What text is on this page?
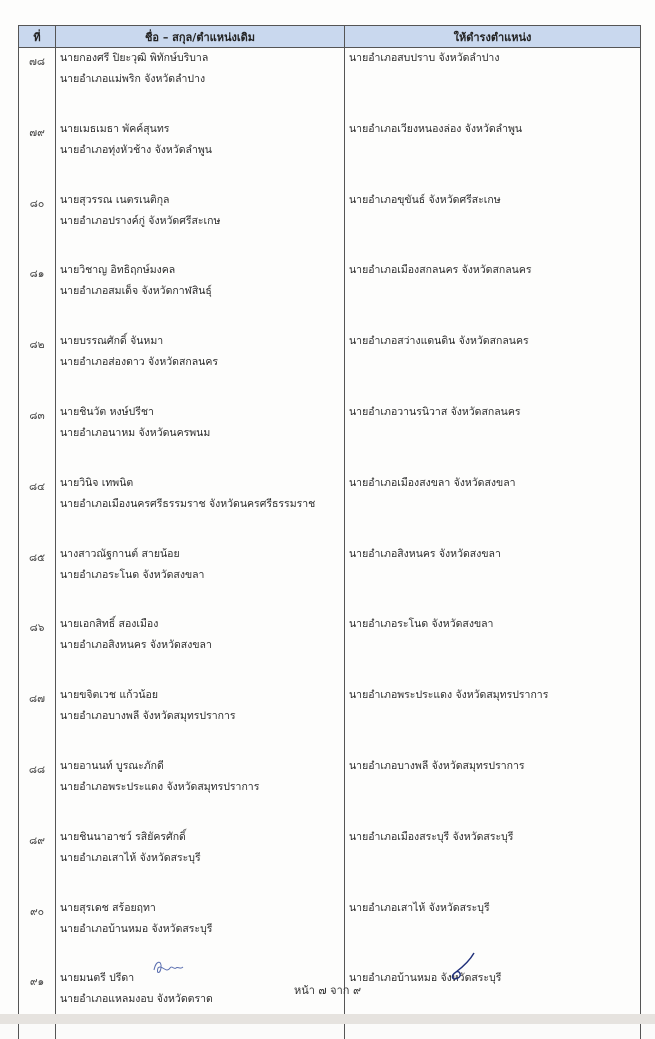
ที่	ชื่อ – สกุล/ตำแหน่งเดิม	ให้ดำรงตำแหน่ง
๗๘	นายกองศรี ปิยะวุฒิ พิทักษ์บริบาล
นายอำเภอแม่พริก จังหวัดลำปาง	นายอำเภอสบปราบ จังหวัดลำปาง

๗๙	นายเมธเมธา พัคค์สุนทร
นายอำเภอทุ่งหัวช้าง จังหวัดลำพูน	นายอำเภอเวียงหนองล่อง จังหวัดลำพูน

๘๐	นายสุวรรณ เนตรเนติกุล
นายอำเภอปรางค์กู่ จังหวัดศรีสะเกษ	นายอำเภอขุขันธ์ จังหวัดศรีสะเกษ

๘๑	นายวิชาญ อิทธิฤกษ์มงคล
นายอำเภอสมเด็จ จังหวัดกาฬสินธุ์	นายอำเภอเมืองสกลนคร จังหวัดสกลนคร

๘๒	นายบรรณศักดิ์ จันหมา
นายอำเภอส่องดาว จังหวัดสกลนคร	นายอำเภอสว่างแดนดิน จังหวัดสกลนคร

๘๓	นายชินวัต หงษ์ปรีชา
นายอำเภอนาหม จังหวัดนครพนม	นายอำเภอวานรนิวาส จังหวัดสกลนคร

๘๔	นายวินิจ เทพนิต
นายอำเภอเมืองนครศรีธรรมราช จังหวัดนครศรีธรรมราช	นายอำเภอเมืองสงขลา จังหวัดสงขลา

๘๕	นางสาวณัฐกานต์ สายน้อย
นายอำเภอระโนด จังหวัดสงขลา	นายอำเภอสิงหนคร จังหวัดสงขลา

๘๖	นายเอกสิทธิ์ สองเมือง
นายอำเภอสิงหนคร จังหวัดสงขลา	นายอำเภอระโนด จังหวัดสงขลา

๘๗	นายขจิตเวช แก้วน้อย
นายอำเภอบางพลี จังหวัดสมุทรปราการ	นายอำเภอพระประแดง จังหวัดสมุทรปราการ

๘๘	นายอานนท์ บูรณะภักดี
นายอำเภอพระประแดง จังหวัดสมุทรปราการ	นายอำเภอบางพลี จังหวัดสมุทรปราการ

๘๙	นายชินนาอาชว์ รสิยัครศักดิ์
นายอำเภอเสาไห้ จังหวัดสระบุรี	นายอำเภอเมืองสระบุรี จังหวัดสระบุรี

๙๐	นายสุรเดช สร้อยฤทา
นายอำเภอบ้านหมอ จังหวัดสระบุรี	นายอำเภอเสาไห้ จังหวัดสระบุรี

๙๑	นายมนตรี ปรีดา
นายอำเภอแหลมงอบ จังหวัดตราด	นายอำเภอบ้านหมอ จังหวัดสระบุรี
หน้า ๗ จาก ๙
